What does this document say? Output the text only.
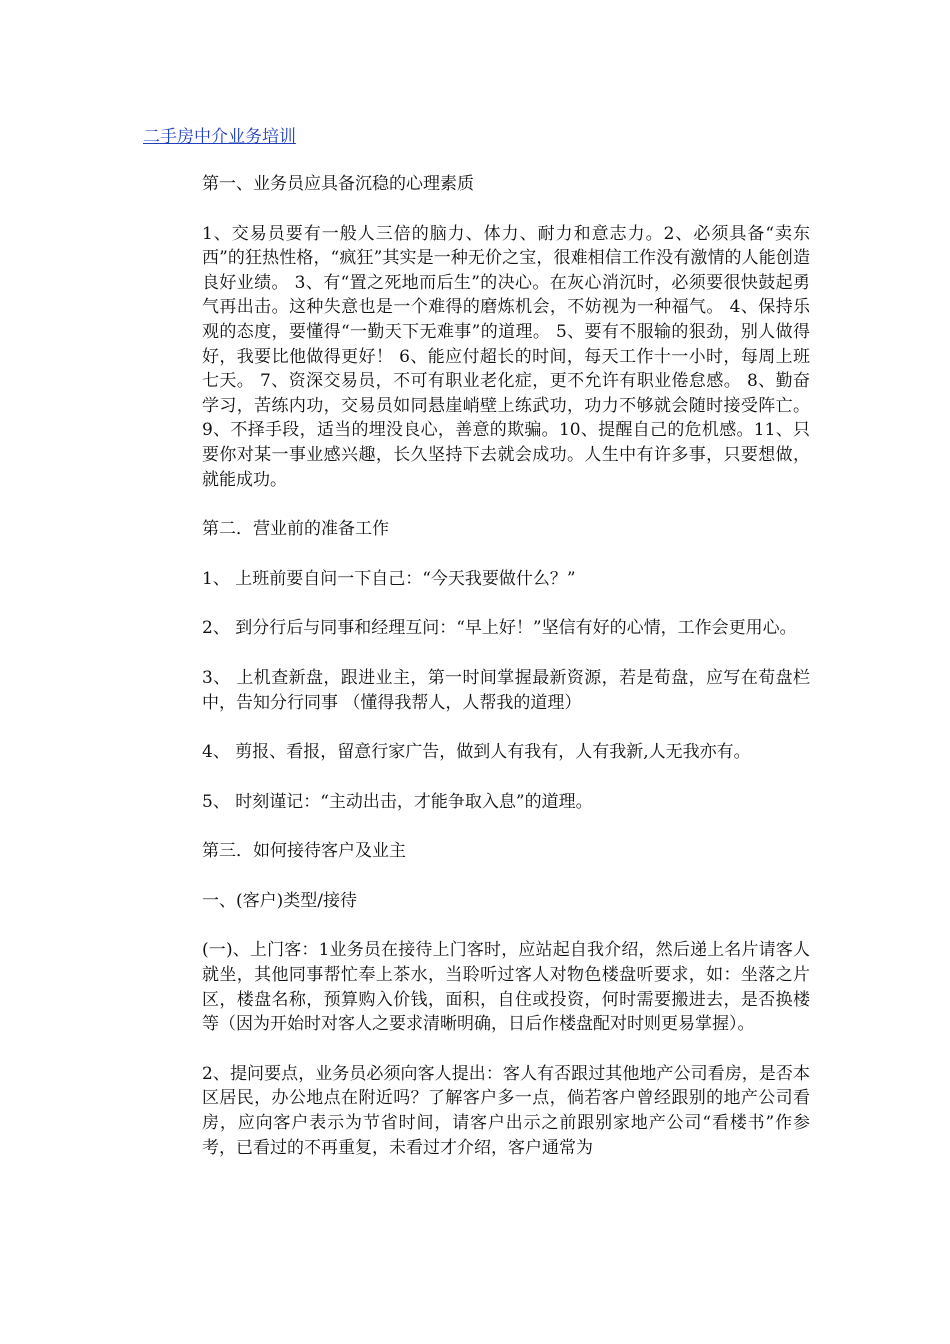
二手房中介业务培训

第一、业务员应具备沉稳的心理素质

1、交易员要有一般人三倍的脑力、体力、耐力和意志力。2、必须具备“卖东西”的狂热性格，“疯狂”其实是一种无价之宝，很难相信工作没有激情的人能创造良好业绩。 3、有“置之死地而后生”的决心。在灰心消沉时，必须要很快鼓起勇气再出击。这种失意也是一个难得的磨炼机会，不妨视为一种福气。 4、保持乐观的态度，要懂得“一勤天下无难事”的道理。 5、要有不服输的狠劲，别人做得好，我要比他做得更好！ 6、能应付超长的时间，每天工作十一小时，每周上班七天。 7、资深交易员，不可有职业老化症，更不允许有职业倦怠感。 8、勤奋学习，苦练内功，交易员如同悬崖峭壁上练武功，功力不够就会随时接受阵亡。 9、不择手段，适当的埋没良心，善意的欺骗。10、提醒自己的危机感。11、只要你对某一事业感兴趣，长久坚持下去就会成功。人生中有许多事，只要想做，就能成功。

第二．营业前的准备工作

1、 上班前要自问一下自己：“今天我要做什么？”

2、 到分行后与同事和经理互问：“早上好！”坚信有好的心情，工作会更用心。

3、 上机查新盘，跟进业主，第一时间掌握最新资源，若是荀盘，应写在荀盘栏中，告知分行同事 （懂得我帮人，人帮我的道理）

4、 剪报、看报，留意行家广告，做到人有我有，人有我新,人无我亦有。

5、 时刻谨记：“主动出击，才能争取入息”的道理。

第三．如何接待客户及业主

一、(客户)类型/接待

(一)、上门客：1业务员在接待上门客时，应站起自我介绍，然后递上名片请客人就坐，其他同事帮忙奉上茶水，当聆听过客人对物色楼盘听要求，如：坐落之片区，楼盘名称，预算购入价钱，面积，自住或投资，何时需要搬进去，是否换楼等（因为开始时对客人之要求清晰明确，日后作楼盘配对时则更易掌握）。

2、提问要点，业务员必须向客人提出：客人有否跟过其他地产公司看房，是否本区居民，办公地点在附近吗？了解客户多一点，倘若客户曾经跟别的地产公司看房，应向客户表示为节省时间，请客户出示之前跟别家地产公司“看楼书”作参考，已看过的不再重复，未看过才介绍，客户通常为
